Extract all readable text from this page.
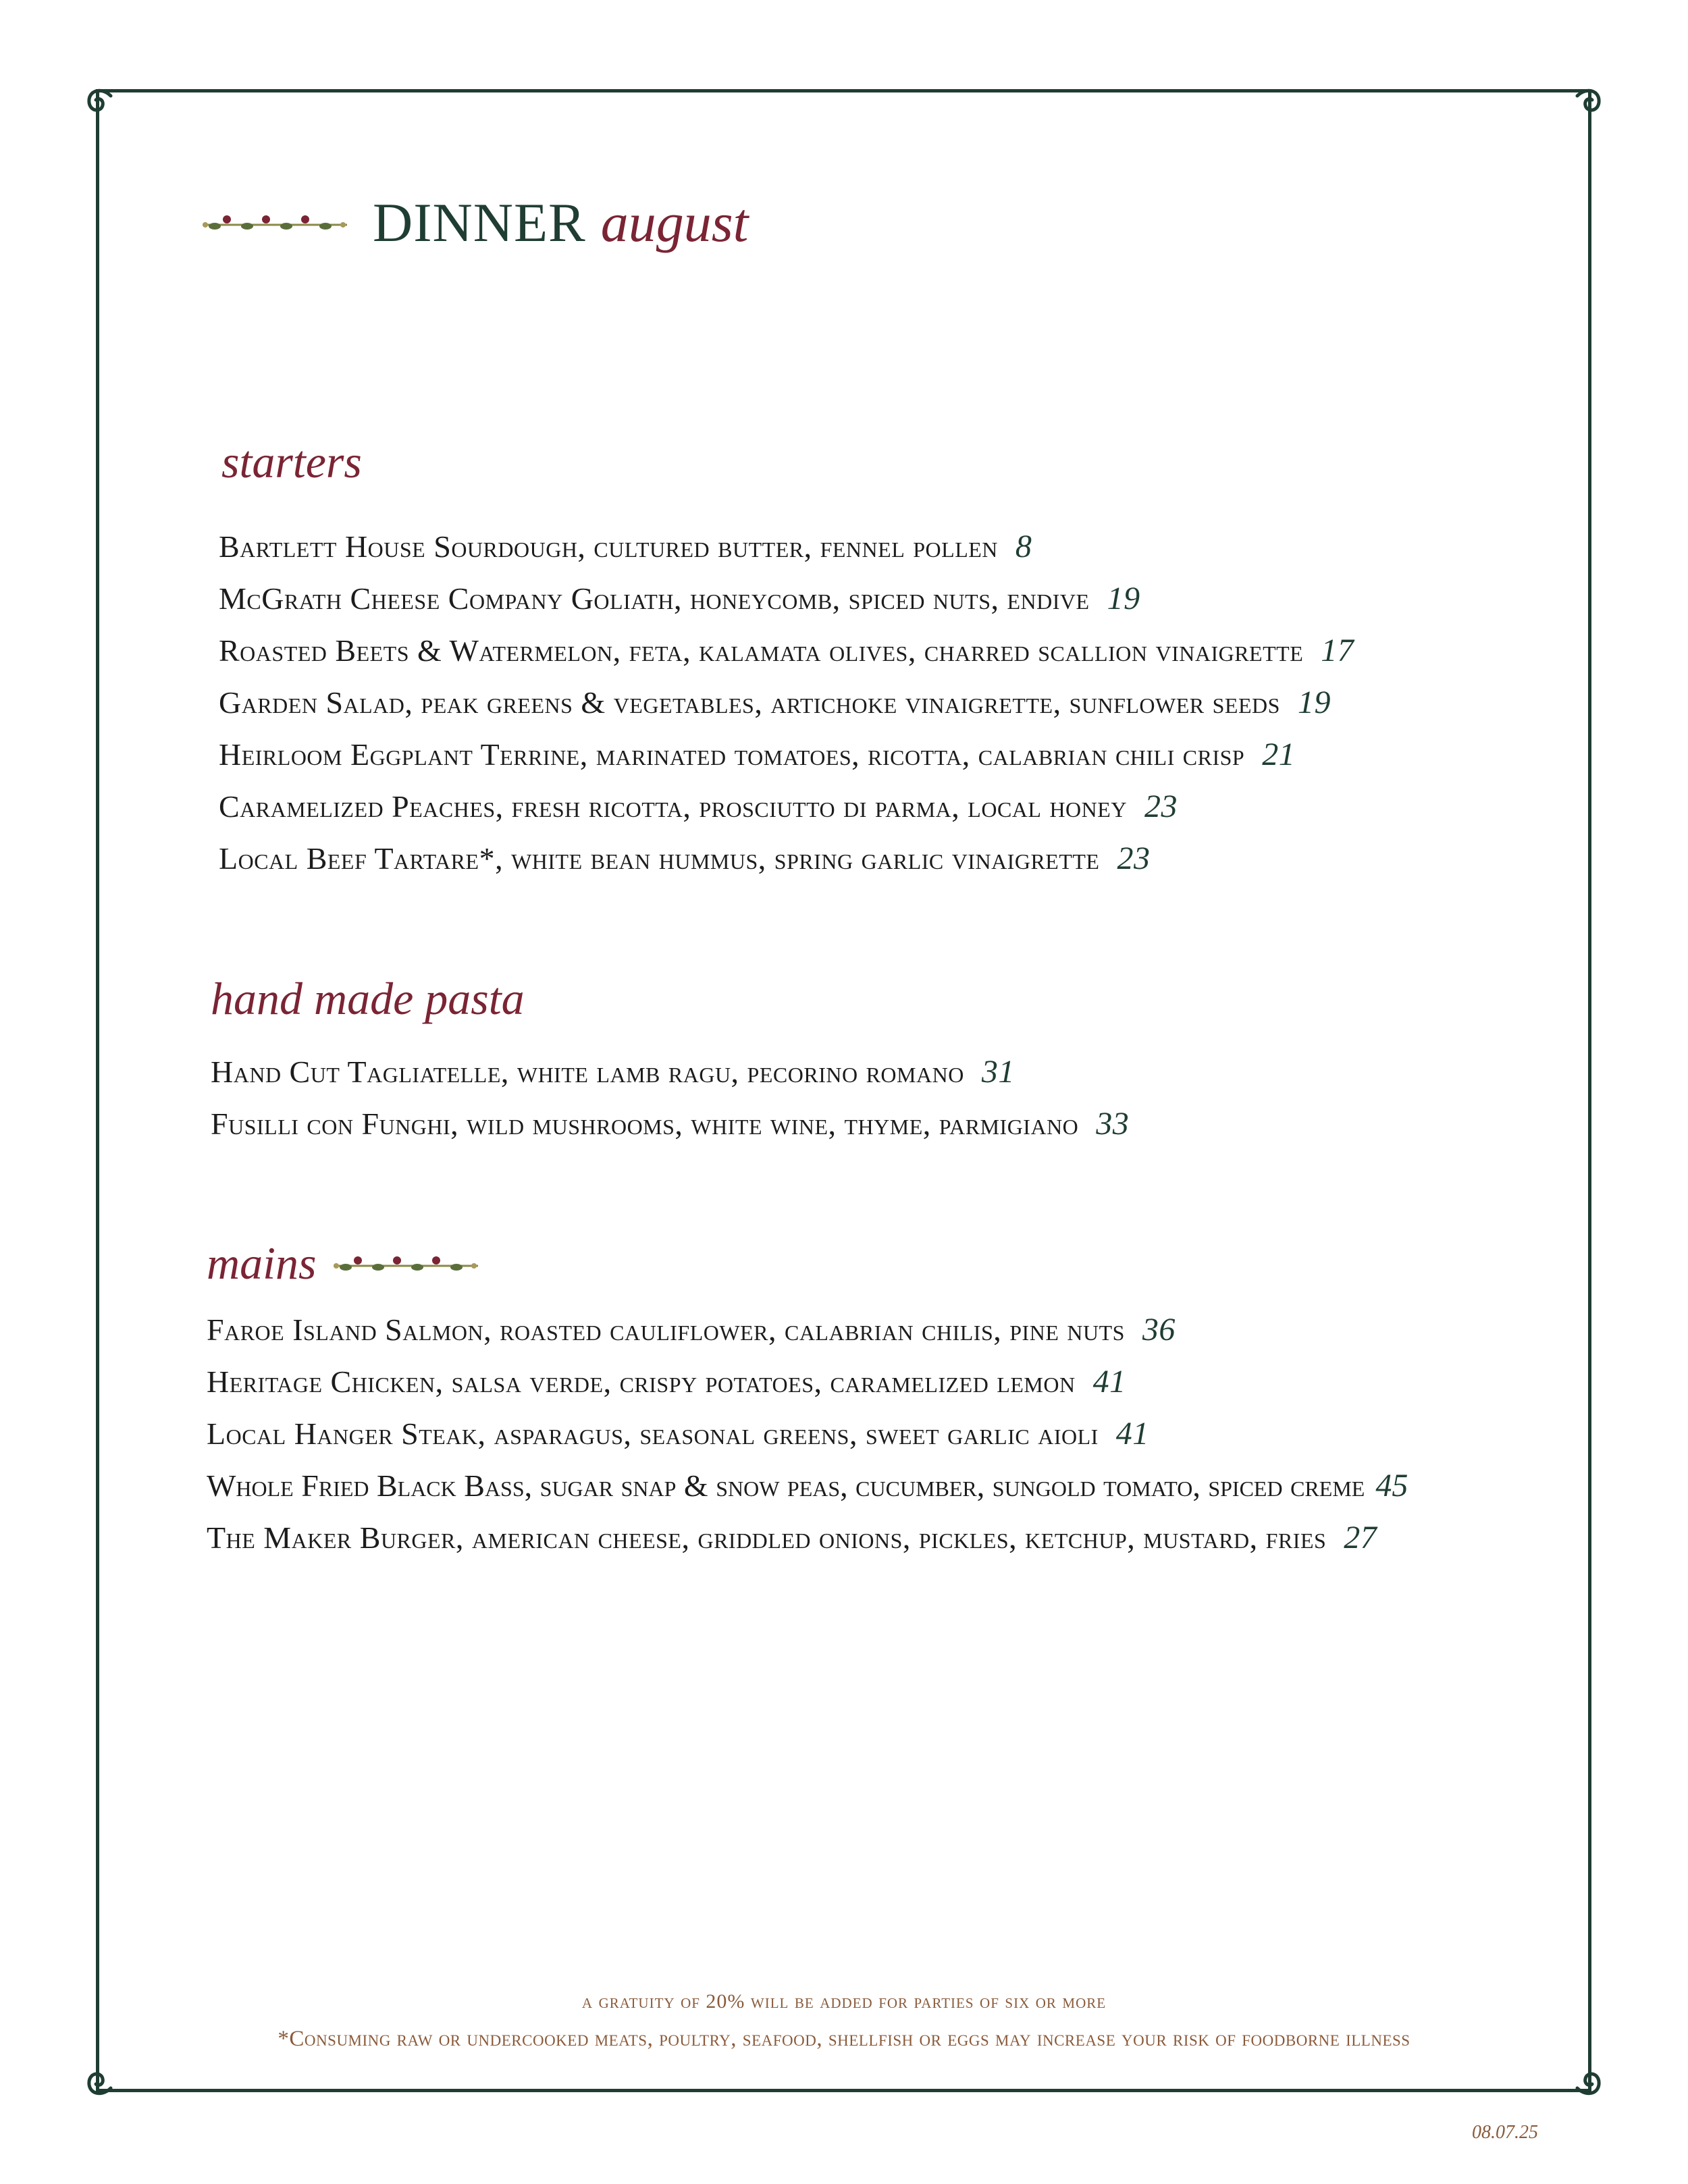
DINNER august
starters
Bartlett House Sourdough, cultured butter, fennel pollen 8
McGrath Cheese Company Goliath, honeycomb, spiced nuts, endive 19
Roasted Beets & Watermelon, feta, kalamata olives, charred scallion vinaigrette 17
Garden Salad, peak greens & vegetables, artichoke vinaigrette, sunflower seeds 19
Heirloom Eggplant Terrine, marinated tomatoes, ricotta, calabrian chili crisp 21
Caramelized Peaches, fresh ricotta, prosciutto di parma, local honey 23
Local Beef Tartare*, white bean hummus, spring garlic vinaigrette 23
hand made pasta
Hand Cut Tagliatelle, white lamb ragu, pecorino romano 31
Fusilli con Funghi, wild mushrooms, white wine, thyme, parmigiano 33
mains
Faroe Island Salmon, roasted cauliflower, calabrian chilis, pine nuts 36
Heritage Chicken, salsa verde, crispy potatoes, caramelized lemon 41
Local Hanger Steak, asparagus, seasonal greens, sweet garlic aioli 41
Whole Fried Black Bass, sugar snap & snow peas, cucumber, sungold tomato, spiced creme 45
The Maker Burger, american cheese, griddled onions, pickles, ketchup, mustard, fries 27
a gratuity of 20% will be added for parties of six or more
*Consuming raw or undercooked meats, poultry, seafood, shellfish or eggs may increase your risk of foodborne illness
08.07.25
